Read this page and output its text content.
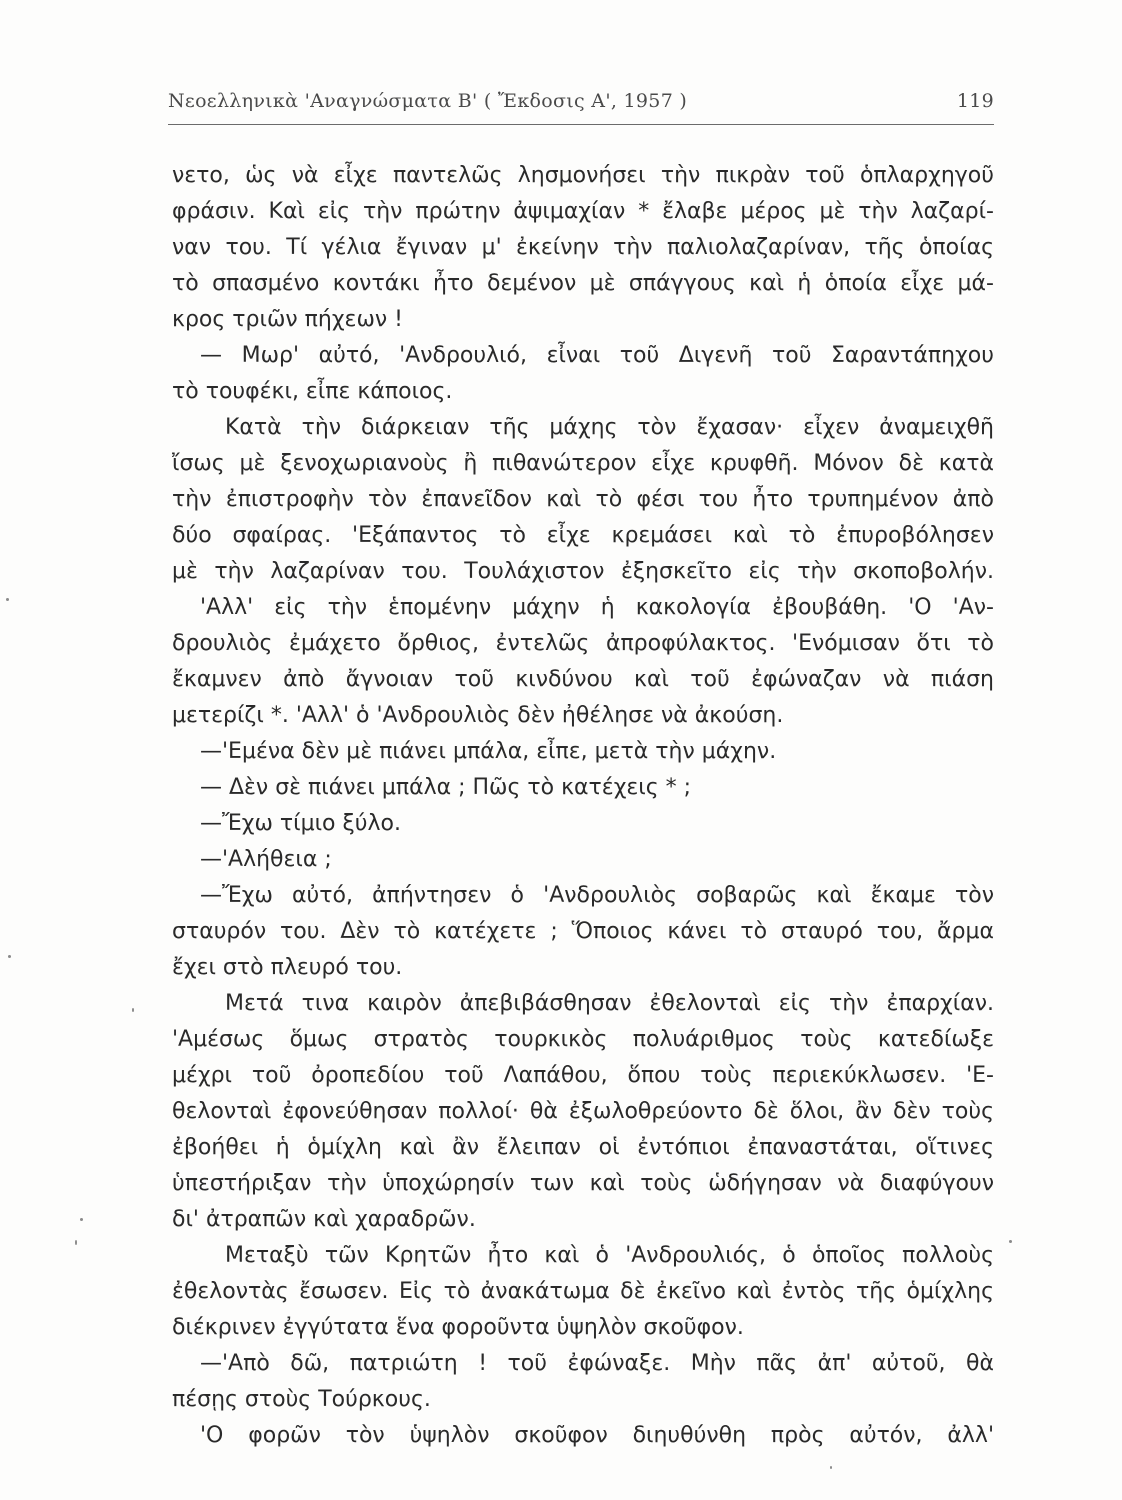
Νεοελληνικὰ 'Αναγνώσματα Β' ( Ἔκδοσις Α', 1957 )	119
νετο, ὡς νὰ εἶχε παντελῶς λησμονήσει τὴν πικρὰν τοῦ ὁπλαρχηγοῦ
φράσιν. Καὶ εἰς τὴν πρώτην ἀψιμαχίαν * ἔλαβε μέρος μὲ τὴν λαζαρί-
ναν του. Τί γέλια ἔγιναν μ' ἐκείνην τὴν παλιολαζαρίναν, τῆς ὁποίας
τὸ σπασμένο κοντάκι ἦτο δεμένον μὲ σπάγγους καὶ ἡ ὁποία εἶχε μά-
κρος τριῶν πήχεων !
— Μωρ' αὐτό, 'Ανδρουλιό, εἶναι τοῦ Διγενῆ τοῦ Σαραντάπηχου
τὸ τουφέκι, εἶπε κάποιος.
Κατὰ τὴν διάρκειαν τῆς μάχης τὸν ἔχασαν· εἶχεν ἀναμειχθῆ
ἴσως μὲ ξενοχωριανοὺς ἢ πιθανώτερον εἶχε κρυφθῆ. Μόνον δὲ κατὰ
τὴν ἐπιστροφὴν τὸν ἐπανεῖδον καὶ τὸ φέσι του ἦτο τρυπημένον ἀπὸ
δύο σφαίρας. 'Εξάπαντος τὸ εἶχε κρεμάσει καὶ τὸ ἐπυροβόλησεν
μὲ τὴν λαζαρίναν του. Τουλάχιστον ἐξησκεῖτο εἰς τὴν σκοποβολήν.
'Αλλ' εἰς τὴν ἑπομένην μάχην ἡ κακολογία ἐβουβάθη. 'Ο 'Αν-
δρουλιὸς ἐμάχετο ὄρθιος, ἐντελῶς ἀπροφύλακτος. 'Ενόμισαν ὅτι τὸ
ἔκαμνεν ἀπὸ ἄγνοιαν τοῦ κινδύνου καὶ τοῦ ἐφώναζαν νὰ πιάση
μετερίζι *. 'Αλλ' ὁ 'Ανδρουλιὸς δὲν ἠθέλησε νὰ ἀκούση.
—'Εμένα δὲν μὲ πιάνει μπάλα, εἶπε, μετὰ τὴν μάχην.
— Δὲν σὲ πιάνει μπάλα ; Πῶς τὸ κατέχεις * ;
—Ἔχω τίμιο ξύλο.
—'Αλήθεια ;
—Ἔχω αὐτό, ἀπήντησεν ὁ 'Ανδρουλιὸς σοβαρῶς καὶ ἔκαμε τὸν
σταυρόν του. Δὲν τὸ κατέχετε ; Ὅποιος κάνει τὸ σταυρό του, ἄρμα
ἔχει στὸ πλευρό του.
Μετά τινα καιρὸν ἀπεβιβάσθησαν ἐθελονταὶ εἰς τὴν ἐπαρχίαν.
'Αμέσως ὅμως στρατὸς τουρκικὸς πολυάριθμος τοὺς κατεδίωξε
μέχρι τοῦ ὀροπεδίου τοῦ Λαπάθου, ὅπου τοὺς περιεκύκλωσεν. 'Ε-
θελονταὶ ἐφονεύθησαν πολλοί· θὰ ἐξωλοθρεύοντο δὲ ὅλοι, ἂν δὲν τοὺς
ἐβοήθει ἡ ὁμίχλη καὶ ἂν ἔλειπαν οἱ ἐντόπιοι ἐπαναστάται, οἵτινες
ὑπεστήριξαν τὴν ὑποχώρησίν των καὶ τοὺς ὡδήγησαν νὰ διαφύγουν
δι' ἀτραπῶν καὶ χαραδρῶν.
Μεταξὺ τῶν Κρητῶν ἦτο καὶ ὁ 'Ανδρουλιός, ὁ ὁποῖος πολλοὺς
ἐθελοντὰς ἔσωσεν. Εἰς τὸ ἀνακάτωμα δὲ ἐκεῖνο καὶ ἐντὸς τῆς ὁμίχλης
διέκρινεν ἐγγύτατα ἕνα φοροῦντα ὑψηλὸν σκοῦφον.
—'Απὸ δῶ, πατριώτη ! τοῦ ἐφώναξε. Μὴν πᾶς ἀπ' αὐτοῦ, θὰ
πέσῃς στοὺς Τούρκους.
'Ο φορῶν τὸν ὑψηλὸν σκοῦφον διηυθύνθη πρὸς αὐτόν, ἀλλ'
